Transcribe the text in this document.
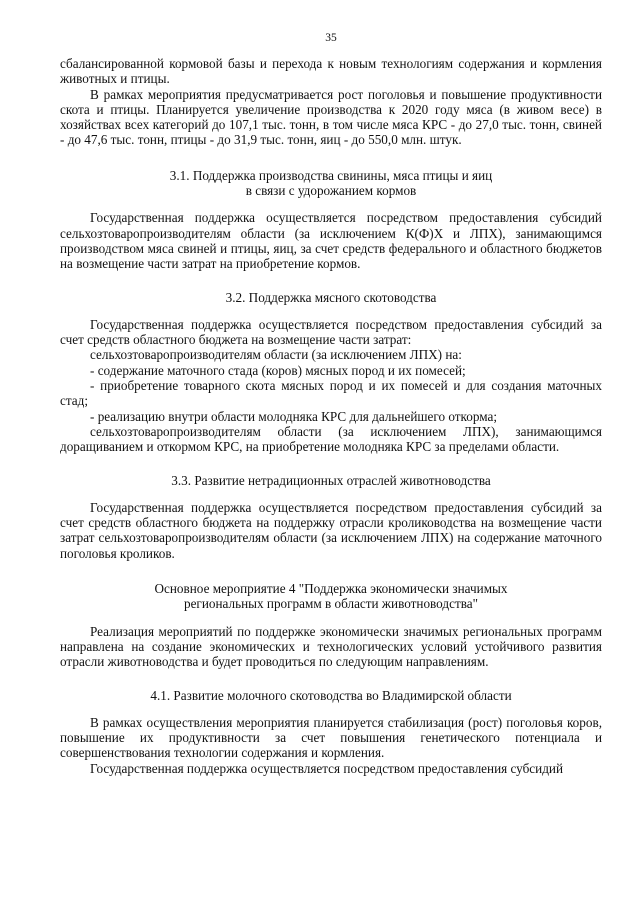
35

сбалансированной кормовой базы и перехода к новым технологиям содержания и кормления животных и птицы.

В рамках мероприятия предусматривается рост поголовья и повышение продуктивности скота и птицы. Планируется увеличение производства к 2020 году мяса (в живом весе) в хозяйствах всех категорий до 107,1 тыс. тонн, в том числе мяса КРС - до 27,0 тыс. тонн, свиней - до 47,6 тыс. тонн, птицы - до 31,9 тыс. тонн, яиц - до 550,0 млн. штук.

3.1. Поддержка производства свинины, мяса птицы и яиц
в связи с удорожанием кормов

Государственная поддержка осуществляется посредством предоставления субсидий сельхозтоваропроизводителям области (за исключением К(Ф)Х и ЛПХ), занимающимся производством мяса свиней и птицы, яиц, за счет средств федерального и областного бюджетов на возмещение части затрат на приобретение кормов.

3.2. Поддержка мясного скотоводства

Государственная поддержка осуществляется посредством предоставления субсидий за счет средств областного бюджета на возмещение части затрат:

сельхозтоваропроизводителям области (за исключением ЛПХ) на:

- содержание маточного стада (коров) мясных пород и их помесей;

- приобретение товарного скота мясных пород и их помесей и для создания маточных стад;

- реализацию внутри области молодняка КРС для дальнейшего откорма;

сельхозтоваропроизводителям области (за исключением ЛПХ), занимающимся доращиванием и откормом КРС, на приобретение молодняка КРС за пределами области.

3.3. Развитие нетрадиционных отраслей животноводства

Государственная поддержка осуществляется посредством предоставления субсидий за счет средств областного бюджета на поддержку отрасли кролиководства на возмещение части затрат сельхозтоваропроизводителям области (за исключением ЛПХ) на содержание маточного поголовья кроликов.

Основное мероприятие 4 "Поддержка экономически значимых
региональных программ в области животноводства"

Реализация мероприятий по поддержке экономически значимых региональных программ направлена на создание экономических и технологических условий устойчивого развития отрасли животноводства и будет проводиться по следующим направлениям.

4.1. Развитие молочного скотоводства во Владимирской области

В рамках осуществления мероприятия планируется стабилизация (рост) поголовья коров, повышение их продуктивности за счет повышения генетического потенциала и совершенствования технологии содержания и кормления.

Государственная поддержка осуществляется посредством предоставления субсидий
